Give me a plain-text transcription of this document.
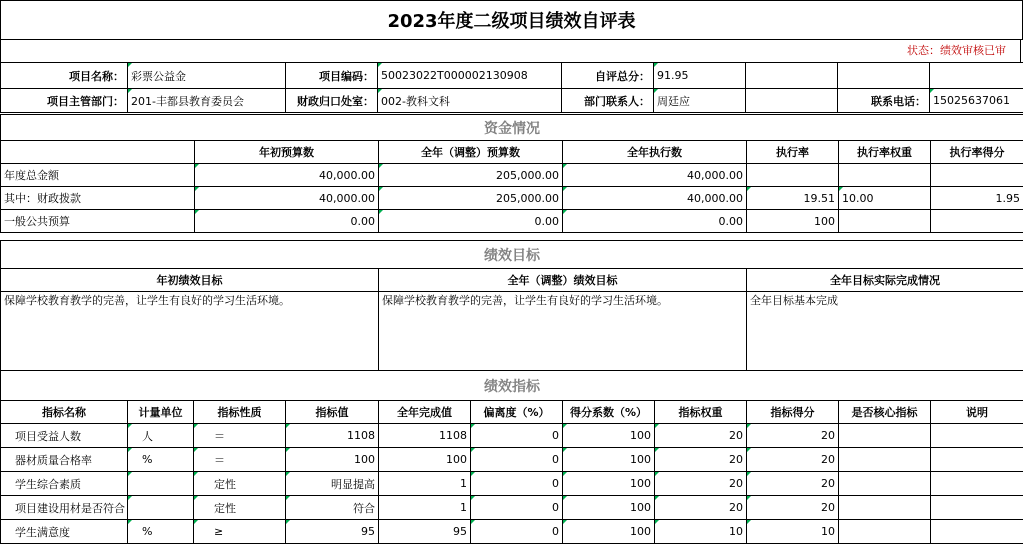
2023年度二级项目绩效自评表
状态：绩效审核已审
项目名称：	彩票公益金	项目编码：	50023022T000002130908	自评总分：	91.95			
项目主管部门：	201-丰都县教育委员会	财政归口处室：	002-教科文科	部门联系人：	周廷应		联系电话：	15025637061
资金情况						
	年初预算数	全年（调整）预算数	全年执行数	执行率	执行率权重	执行率得分
年度总金额	40,000.00	205,000.00	40,000.00			
其中：财政拨款	40,000.00	205,000.00	40,000.00	19.51	10.00	1.95
一般公共预算	0.00	0.00	0.00	100		
绩效目标		
年初绩效目标	全年（调整）绩效目标	全年目标实际完成情况
保障学校教育教学的完善，让学生有良好的学习生活环境。	保障学校教育教学的完善，让学生有良好的学习生活环境。	全年目标基本完成
绩效指标										
指标名称	计量单位	指标性质	指标值	全年完成值	偏离度（%）	得分系数（%）	指标权重	指标得分	是否核心指标	说明
项目受益人数	人	＝	1108	1108	0	100	20	20		
器材质量合格率	%	＝	100	100	0	100	20	20		
学生综合素质		定性	明显提高	1	0	100	20	20		
项目建设用材是否符合		定性	符合	1	0	100	20	20		
学生满意度	%	≥	95	95	0	100	10	10		
